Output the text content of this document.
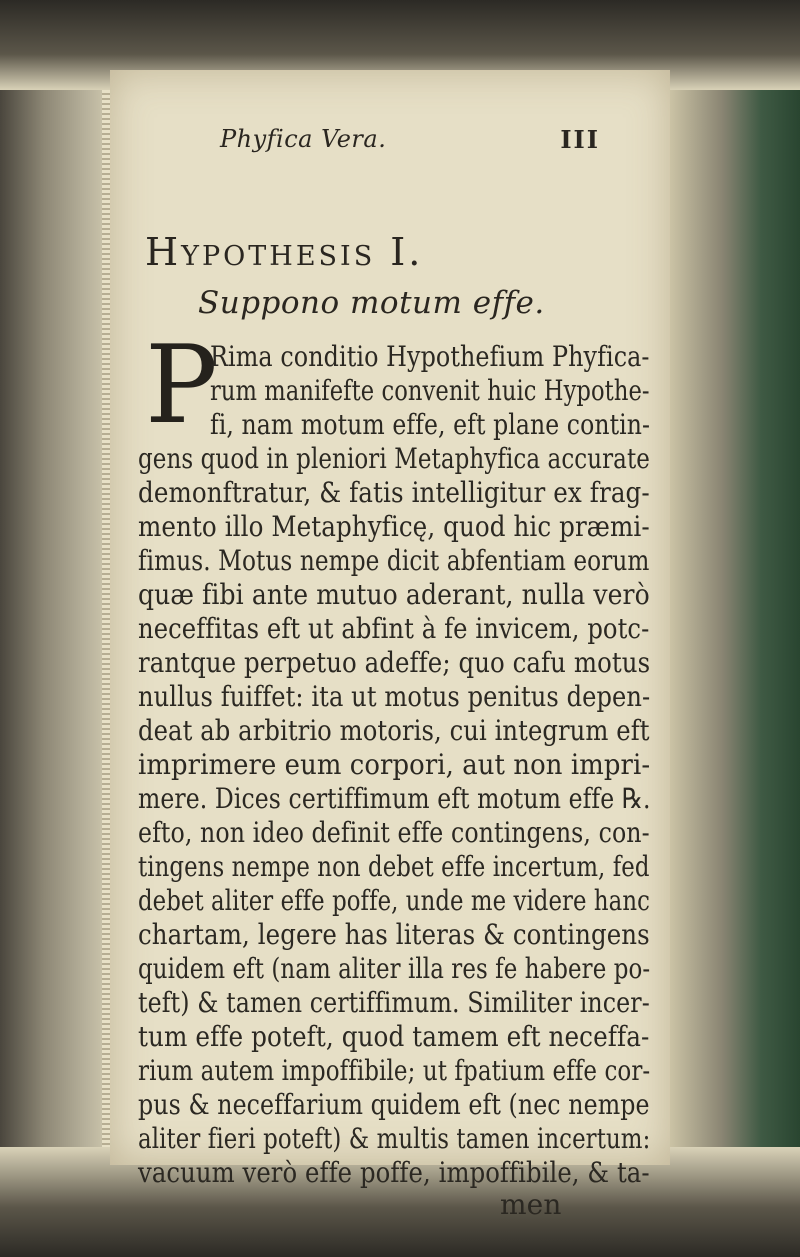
Phyfica Vera.	III
Hypothesis I.
Suppono motum effe.
P
Rima conditio Hypothefium Phyfica-
rum manifefte convenit huic Hypothe-
fi, nam motum effe, eft plane contin-
gens quod in pleniori Metaphyfica accurate
demonftratur, & fatis intelligitur ex frag-
mento illo Metaphyficę, quod hic præmi-
fimus. Motus nempe dicit abfentiam eorum
quæ fibi ante mutuo aderant, nulla verò
neceffitas eft ut abfint à fe invicem, potc-
rantque perpetuo adeffe; quo cafu motus
nullus fuiffet: ita ut motus penitus depen-
deat ab arbitrio motoris, cui integrum eft
imprimere eum corpori, aut non impri-
mere. Dices certiffimum eft motum effe ℞.
efto, non ideo definit effe contingens, con-
tingens nempe non debet effe incertum, fed
debet aliter effe poffe, unde me videre hanc
chartam, legere has literas & contingens
quidem eft (nam aliter illa res fe habere po-
teft) & tamen certiffimum. Similiter incer-
tum effe poteft, quod tamem eft neceffa-
rium autem impoffibile; ut fpatium effe cor-
pus & neceffarium quidem eft (nec nempe
aliter fieri poteft) & multis tamen incertum:
vacuum verò effe poffe, impoffibile, & ta-
men
